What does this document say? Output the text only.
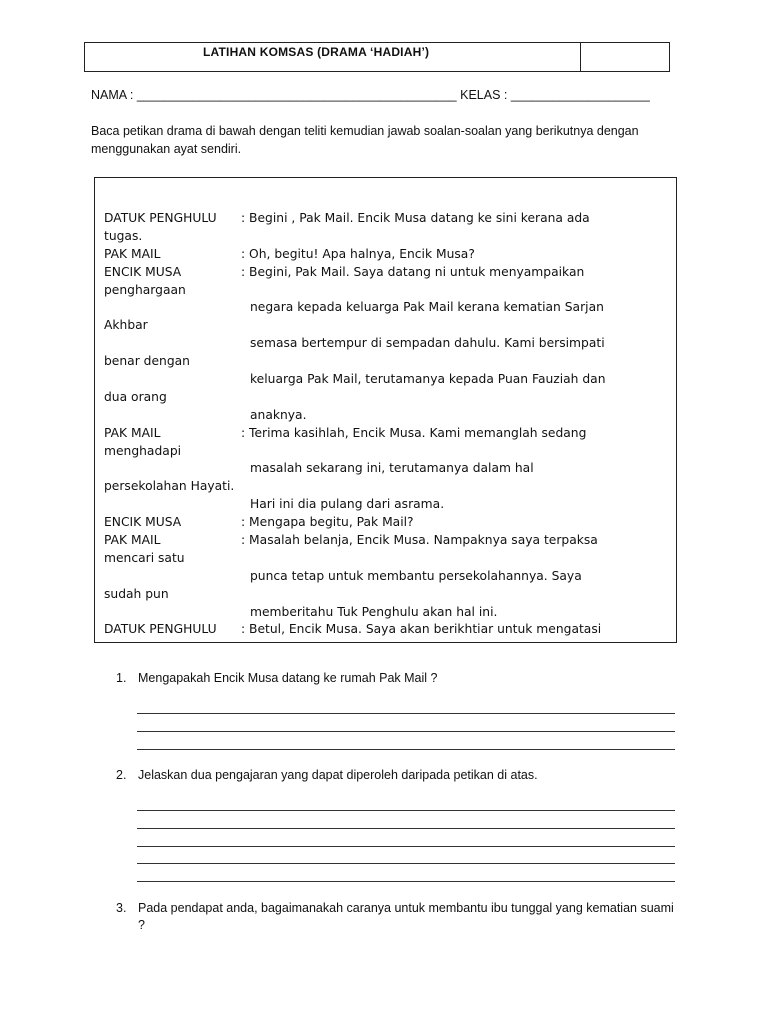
LATIHAN KOMSAS (DRAMA ‘HADIAH’)
NAMA : ______________________________________________ KELAS : ____________________
Baca petikan drama di bawah dengan teliti kemudian jawab soalan-soalan yang berikutnya dengan menggunakan ayat sendiri.
DATUK PENGHULU : Begini , Pak Mail. Encik Musa datang ke sini kerana ada
tugas.
PAK MAIL	: Oh, begitu! Apa halnya, Encik Musa?
ENCIK MUSA	: Begini, Pak Mail. Saya datang ni untuk menyampaikan
penghargaan
negara kepada keluarga Pak Mail kerana kematian Sarjan
Akhbar
semasa bertempur di sempadan dahulu. Kami bersimpati
benar dengan
keluarga Pak Mail, terutamanya kepada Puan Fauziah dan
dua orang
anaknya.
PAK MAIL	: Terima kasihlah, Encik Musa. Kami memanglah sedang
menghadapi
masalah sekarang ini, terutamanya dalam hal
persekolahan Hayati.
Hari ini dia pulang dari asrama.
ENCIK MUSA	: Mengapa begitu, Pak Mail?
PAK MAIL	: Masalah belanja, Encik Musa. Nampaknya saya terpaksa
mencari satu
punca tetap untuk membantu persekolahannya. Saya
sudah pun
memberitahu Tuk Penghulu akan hal ini.
DATUK PENGHULU : Betul, Encik Musa. Saya akan berikhtiar untuk mengatasi
1. Mengapakah Encik Musa datang ke rumah Pak Mail ?
2. Jelaskan dua pengajaran yang dapat diperoleh daripada petikan di atas.
3. Pada pendapat anda, bagaimanakah caranya untuk membantu ibu tunggal yang kematian suami ?
